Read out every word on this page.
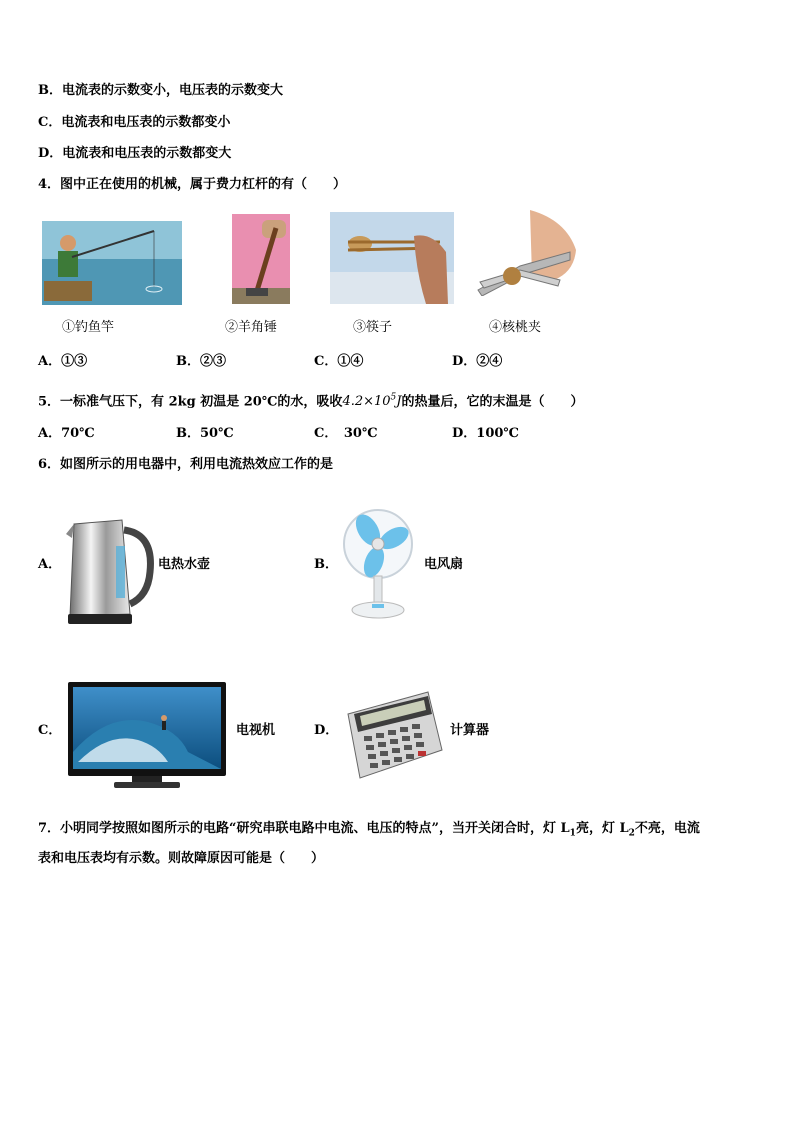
B．电流表的示数变小，电压表的示数变大
C．电流表和电压表的示数都变小
D．电流表和电压表的示数都变大
4．图中正在使用的机械，属于费力杠杆的有（　　）
①钓鱼竿	②羊角锤	③筷子	④核桃夹
A．①③	B．②③	C．①④	D．②④
5．一标准气压下，有 2kg 初温是 20℃的水，吸收$4.2\times 10^5J$的热量后，它的末温是（　　）
A．70℃	B．50℃	C．　30℃	D．100℃
6．如图所示的用电器中，利用电流热效应工作的是
A．	电热水壶	B．	电风扇
C．	电视机	D．	计算器
7．小明同学按照如图所示的电路“研究串联电路中电流、电压的特点”，当开关闭合时，灯 $L_1$亮，灯 $L_2$不亮，电流
表和电压表均有示数。则故障原因可能是（　　）
